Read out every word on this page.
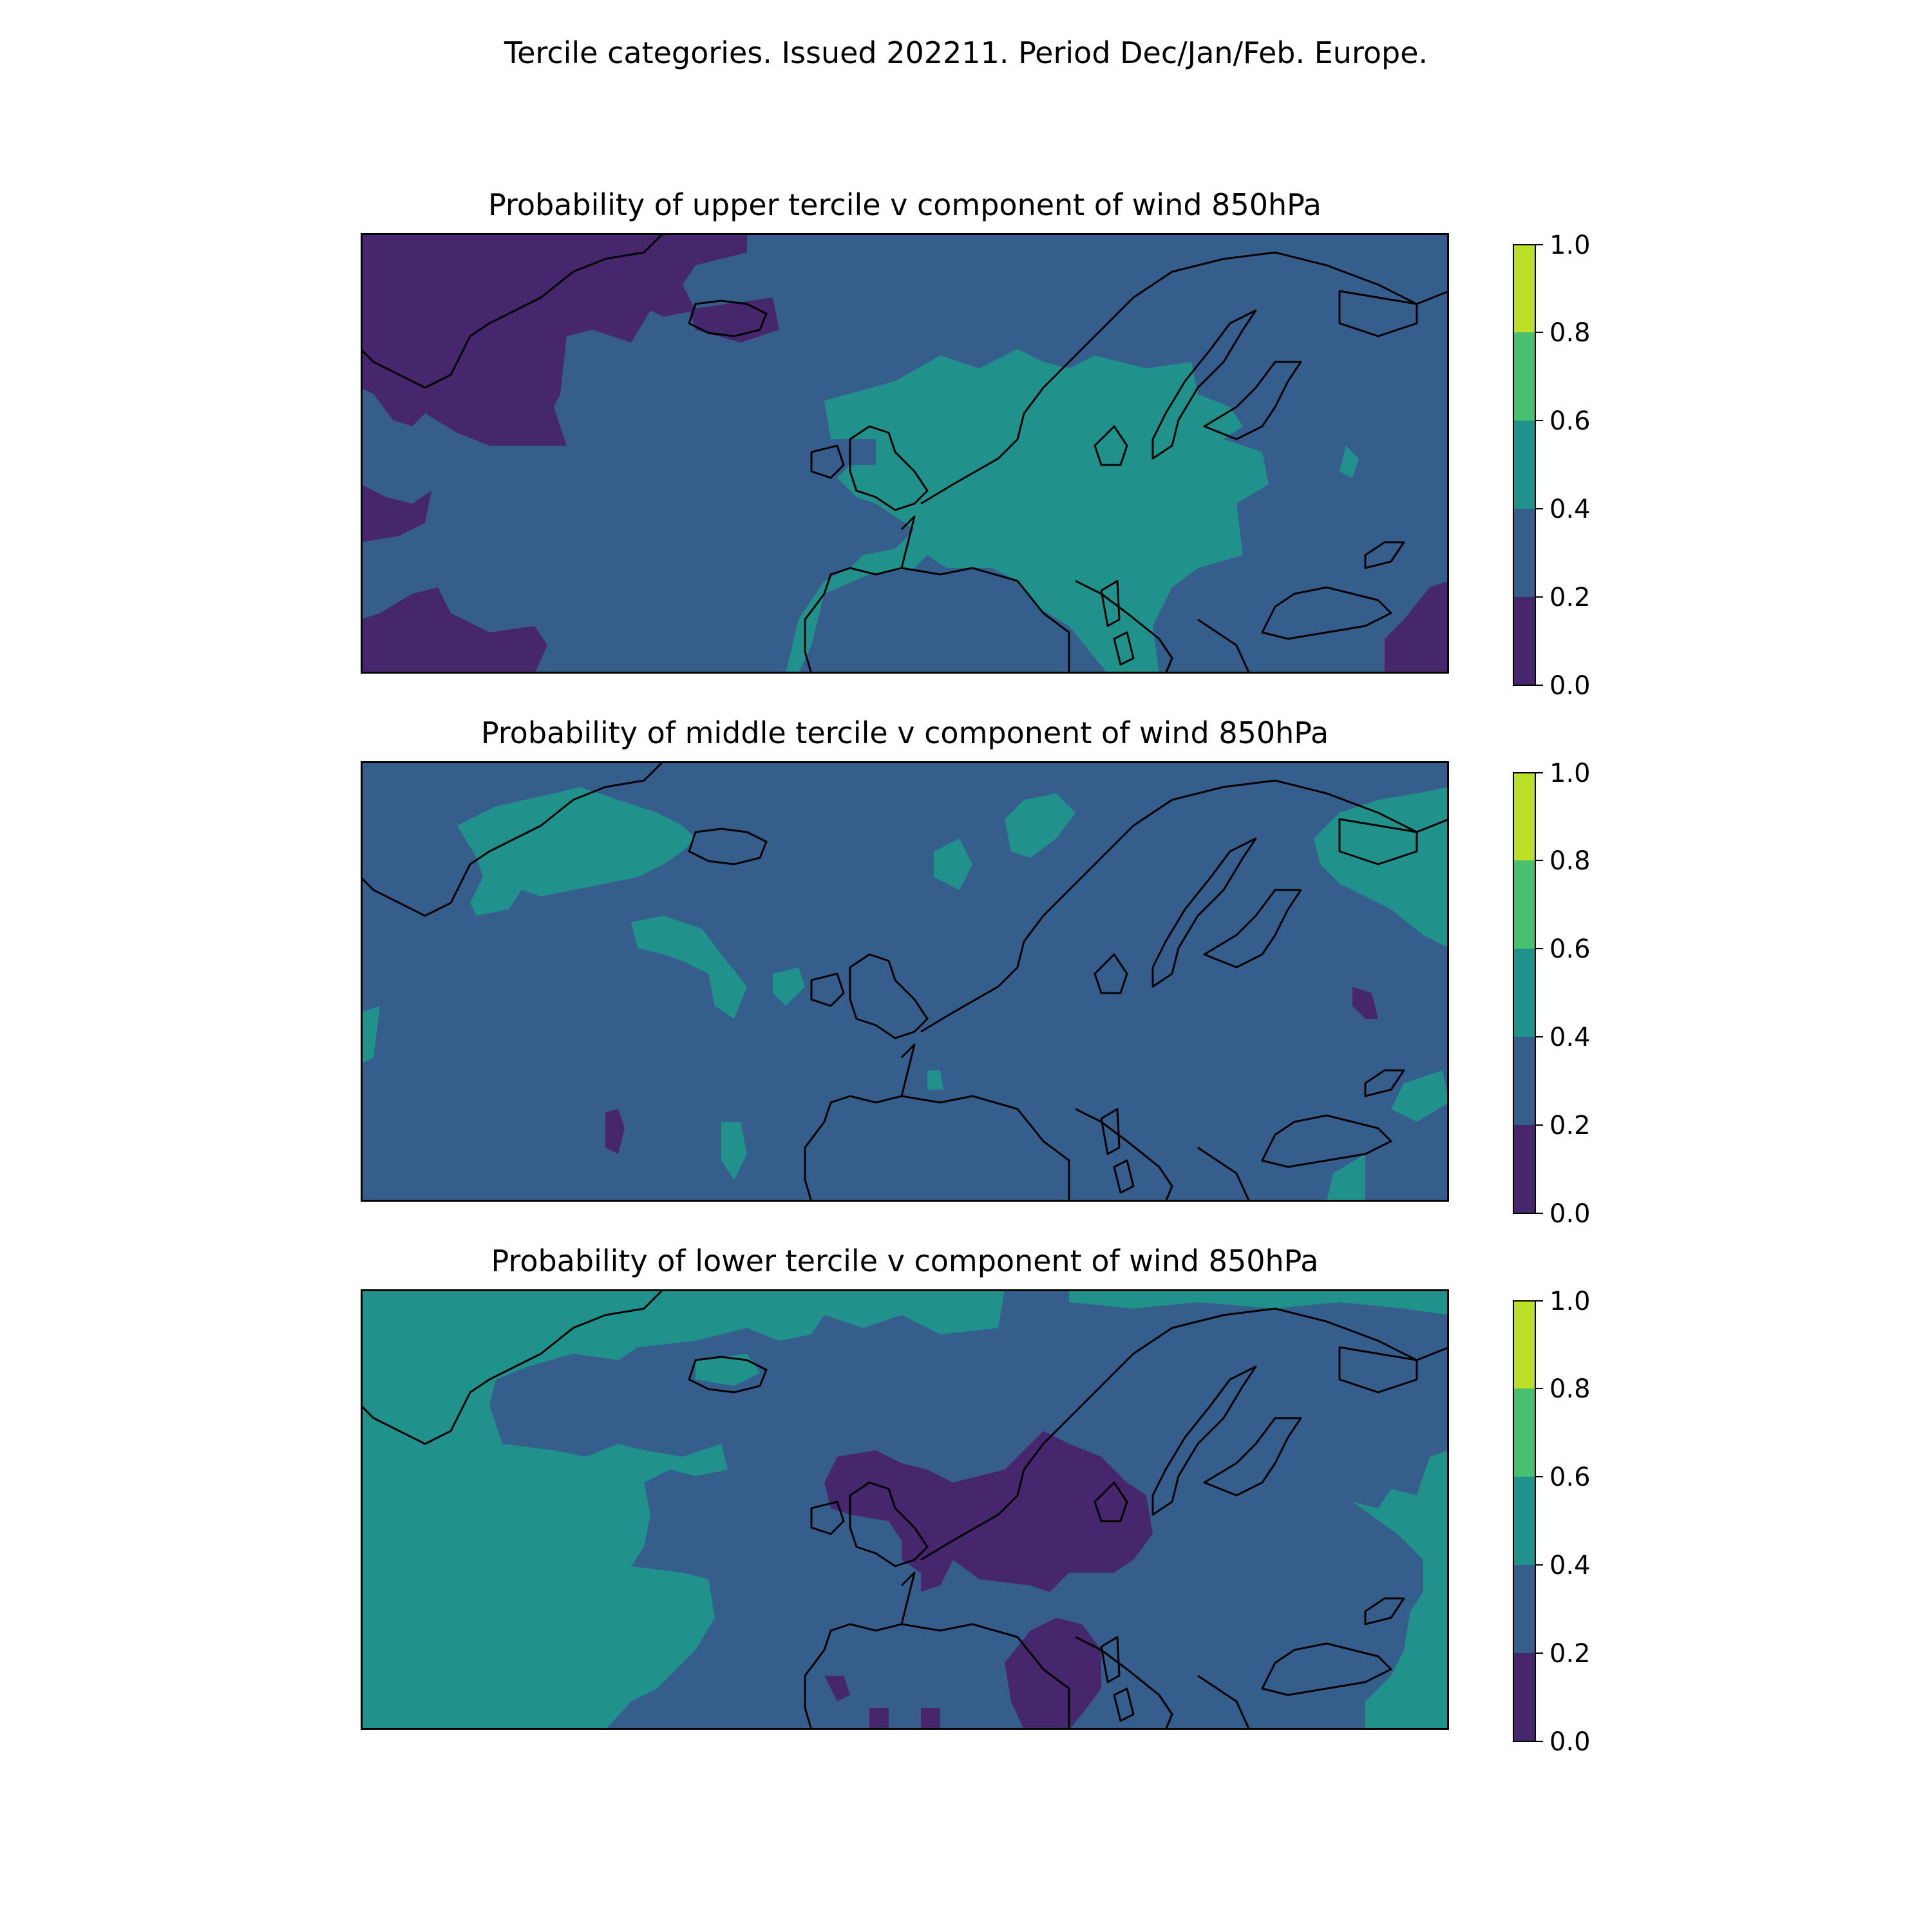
Tercile categories. Issued 202211. Period Dec/Jan/Feb. Europe.
Probability of upper tercile v component of wind 850hPa
0.0
0.2
0.4
0.6
0.8
1.0
Probability of middle tercile v component of wind 850hPa
0.0
0.2
0.4
0.6
0.8
1.0
Probability of lower tercile v component of wind 850hPa
0.0
0.2
0.4
0.6
0.8
1.0
